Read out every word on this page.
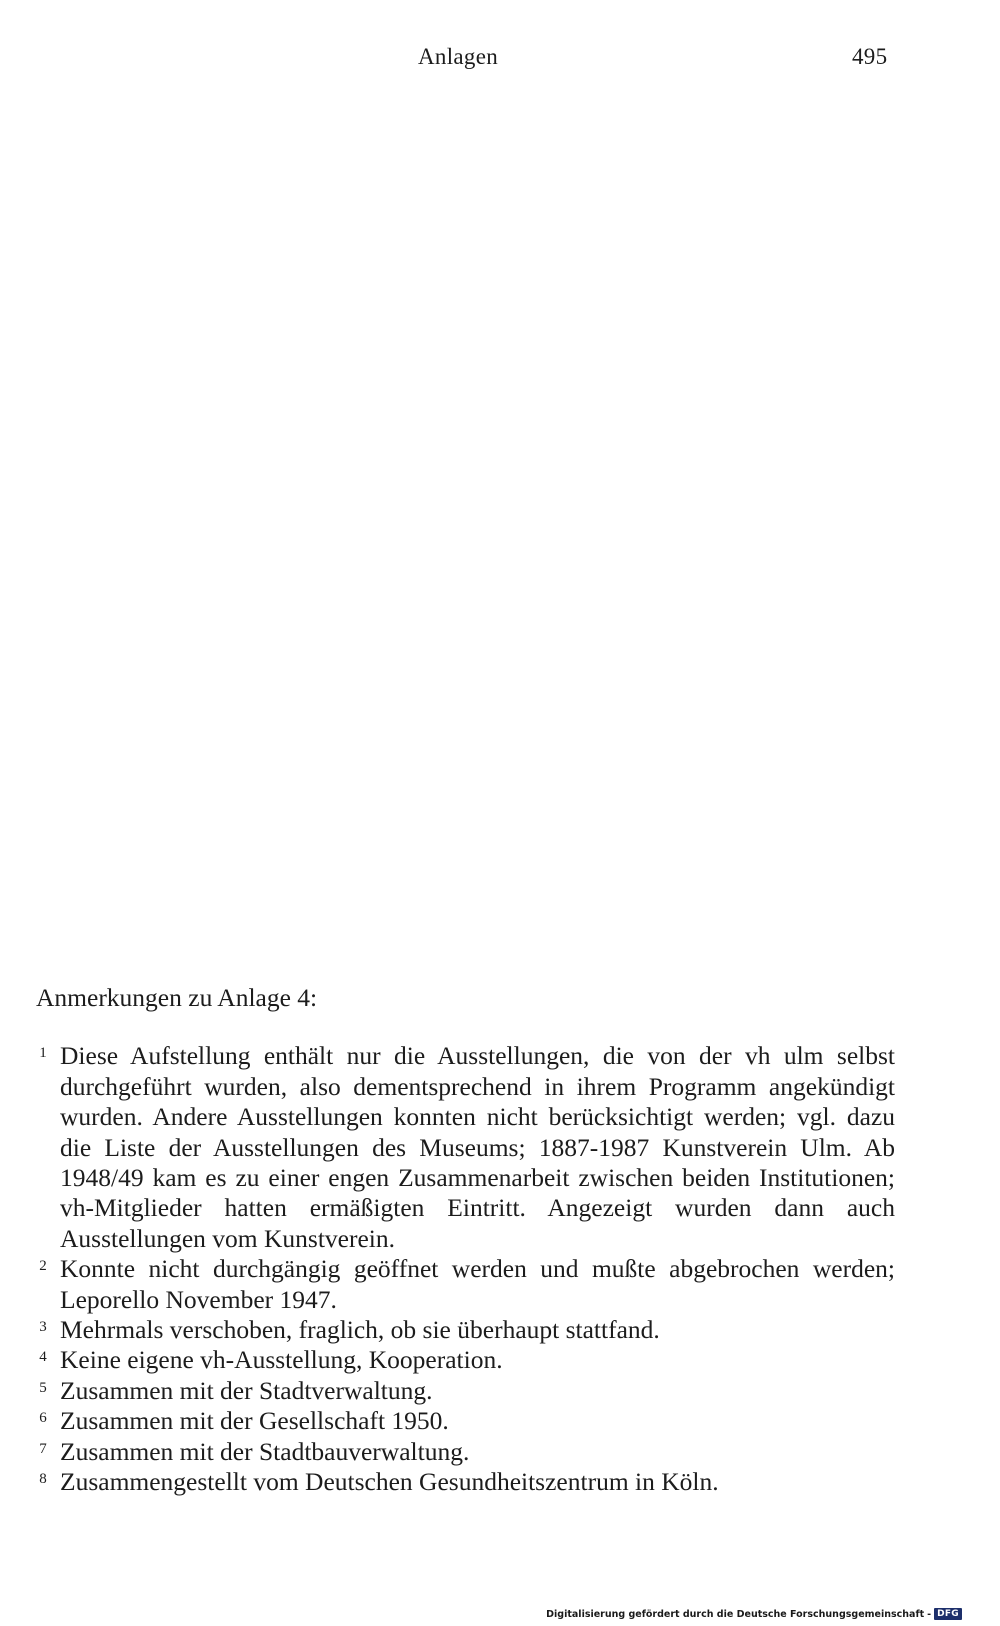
Anlagen	495
Anmerkungen zu Anlage 4:
1 Diese Aufstellung enthält nur die Ausstellungen, die von der vh ulm selbst durchgeführt wurden, also dementsprechend in ihrem Programm angekündigt wurden. Andere Ausstellungen konnten nicht berücksichtigt werden; vgl. dazu die Liste der Ausstellungen des Museums; 1887-1987 Kunstverein Ulm. Ab 1948/49 kam es zu einer engen Zusammenarbeit zwischen beiden Institutionen; vh-Mitglieder hatten ermäßigten Eintritt. Angezeigt wurden dann auch Ausstellungen vom Kunstverein.
2 Konnte nicht durchgängig geöffnet werden und mußte abgebrochen werden; Leporello November 1947.
3 Mehrmals verschoben, fraglich, ob sie überhaupt stattfand.
4 Keine eigene vh-Ausstellung, Kooperation.
5 Zusammen mit der Stadtverwaltung.
6 Zusammen mit der Gesellschaft 1950.
7 Zusammen mit der Stadtbauverwaltung.
8 Zusammengestellt vom Deutschen Gesundheitszentrum in Köln.
Digitalisierung gefördert durch die Deutsche Forschungsgemeinschaft - DFG
